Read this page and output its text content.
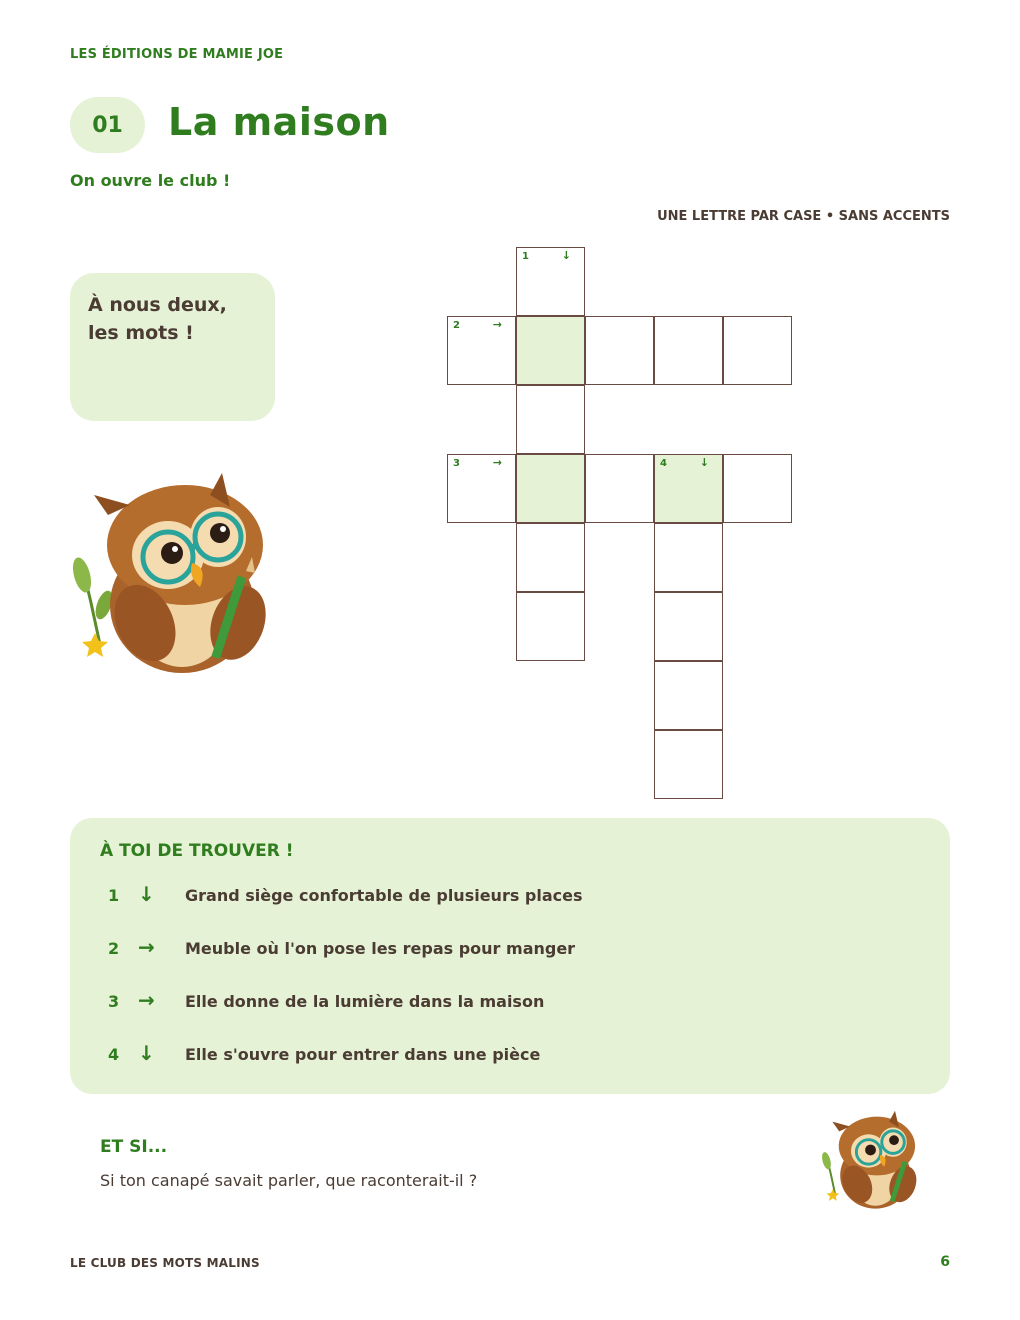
LES ÉDITIONS DE MAMIE JOE
01	La maison
On ouvre le club !
UNE LETTRE PAR CASE • SANS ACCENTS
À nous deux, les mots !
1	↓
2	→
3	→	4	↓
À TOI DE TROUVER !
1 ↓ Grand siège confortable de plusieurs places
2 → Meuble où l'on pose les repas pour manger
3 → Elle donne de la lumière dans la maison
4 ↓ Elle s'ouvre pour entrer dans une pièce
ET SI...
Si ton canapé savait parler, que raconterait-il ?
LE CLUB DES MOTS MALINS	6
